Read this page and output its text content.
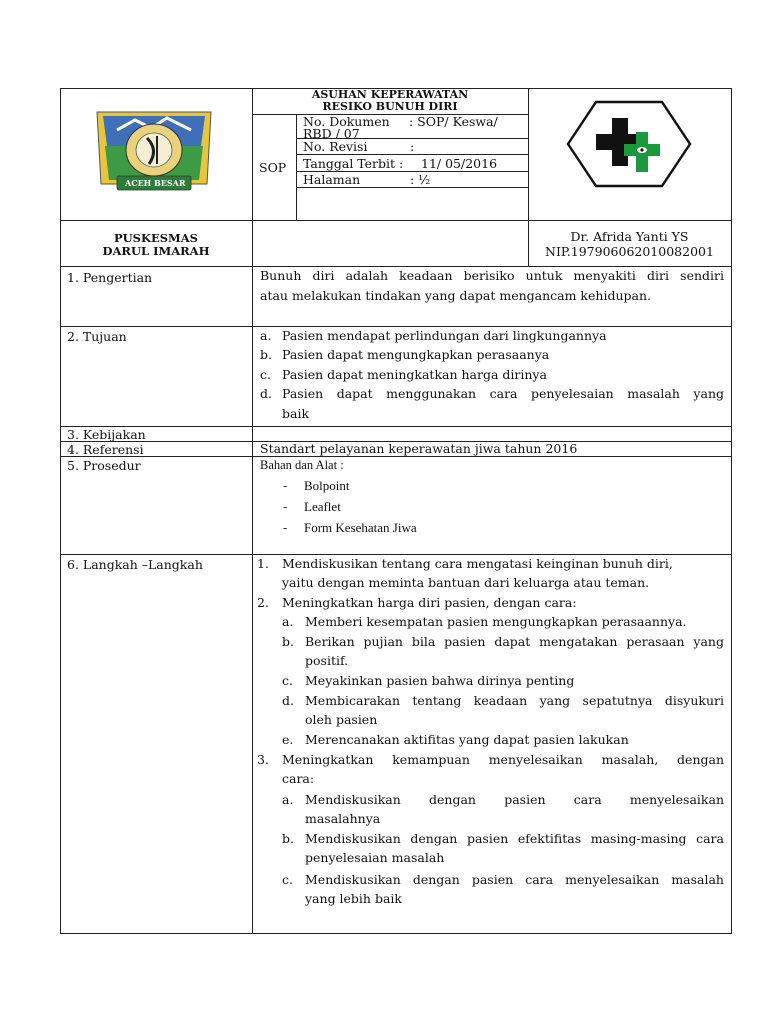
ACEH BESAR
ASUHAN KEPERAWATAN
RESIKO BUNUH DIRI
SOP
No. Dokumen : SOP/ Keswa/
RBD / 07
No. Revisi	:
Tanggal Terbit : 11/ 05/2016
Halaman	: ½
PUSKESMAS
DARUL IMARAH
Dr. Afrida Yanti YS
NIP.197906062010082001
1. Pengertian	Bunuh diri adalah keadaan berisiko untuk menyakiti diri sendiri
atau melakukan tindakan yang dapat mengancam kehidupan.
2. Tujuan	a. Pasien mendapat perlindungan dari lingkungannya
b. Pasien dapat mengungkapkan perasaanya
c. Pasien dapat meningkatkan harga dirinya
d. Pasien dapat menggunakan cara penyelesaian masalah yang
baik
3. Kebijakan
4. Referensi	Standart pelayanan keperawatan jiwa tahun 2016
5. Prosedur	Bahan dan Alat :
- Bolpoint
- Leaflet
- Form Kesehatan Jiwa
6. Langkah –Langkah	1. Mendiskusikan tentang cara mengatasi keinginan bunuh diri,
yaitu dengan meminta bantuan dari keluarga atau teman.
2. Meningkatkan harga diri pasien, dengan cara:
a. Memberi kesempatan pasien mengungkapkan perasaannya.
b. Berikan pujian bila pasien dapat mengatakan perasaan yang
positif.
c. Meyakinkan pasien bahwa dirinya penting
d. Membicarakan tentang keadaan yang sepatutnya disyukuri
oleh pasien
e. Merencanakan aktifitas yang dapat pasien lakukan
3. Meningkatkan kemampuan menyelesaikan masalah, dengan
cara:
a. Mendiskusikan dengan pasien cara menyelesaikan
masalahnya
b. Mendiskusikan dengan pasien efektifitas masing-masing cara
penyelesaian masalah
c. Mendiskusikan dengan pasien cara menyelesaikan masalah
yang lebih baik
